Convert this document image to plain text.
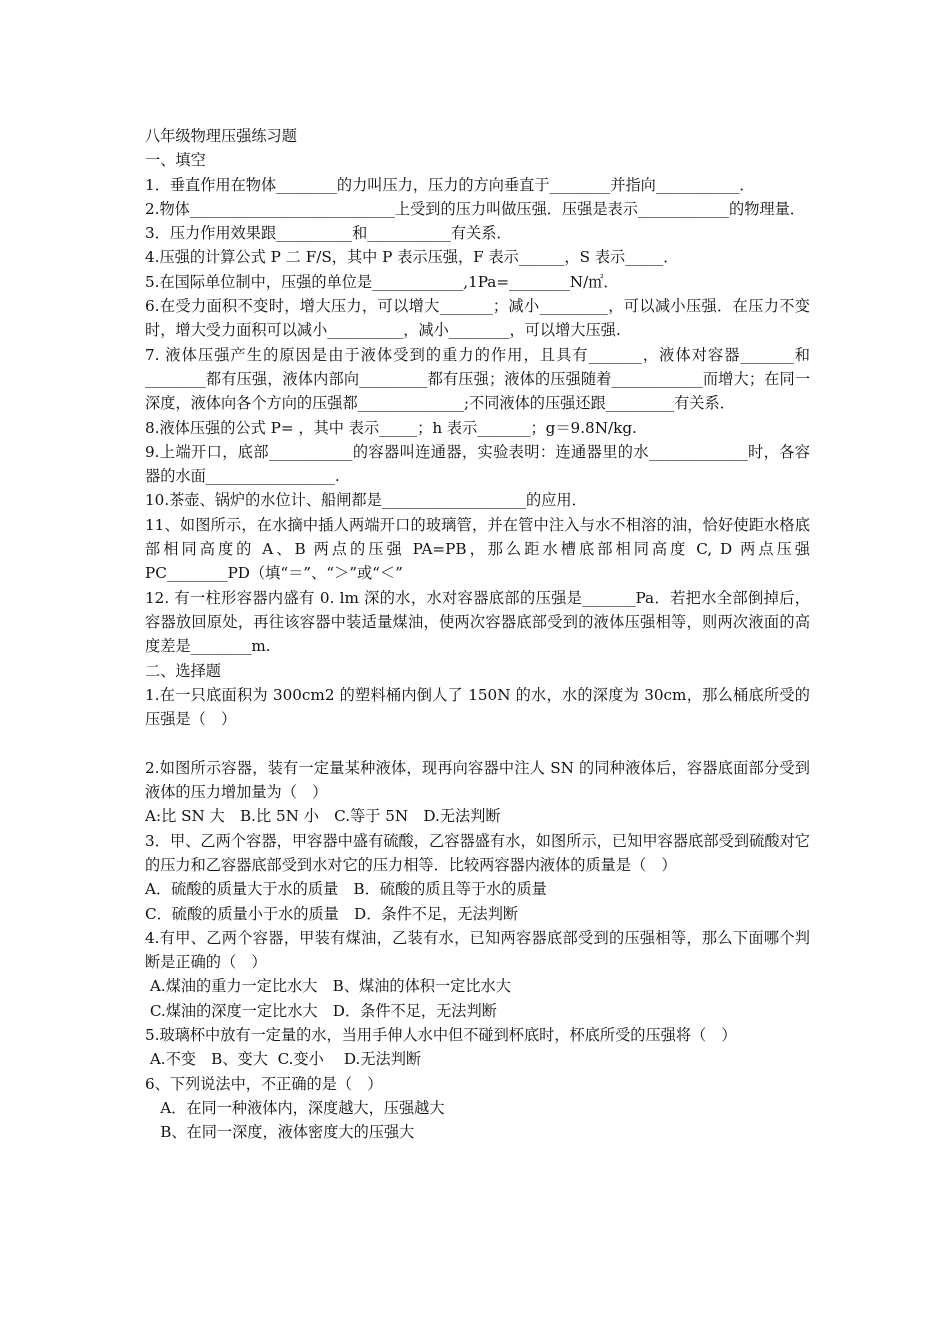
八年级物理压强练习题

一、填空

1．垂直作用在物体________的力叫压力，压力的方向垂直于________并指向___________．

2.物体___________________________上受到的压力叫做压强．压强是表示____________的物理量．

3．压力作用效果跟__________和___________有关系．

4.压强的计算公式 P 二 F/S，其中 P 表示压强，F 表示______，S 表示_____．

5.在国际单位制中，压强的单位是____________,1Pa=________N/㎡．

6.在受力面积不变时，增大压力，可以增大_______；减小_________，可以减小压强．在压力不变时，增大受力面积可以减小__________，减小________，可以增大压强.

7. 液体压强产生的原因是由于液体受到的重力的作用，且具有_______，液体对容器_______和________都有压强，液体内部向_________都有压强；液体的压强随着____________而增大；在同一深度，液体向各个方向的压强都______________;不同液体的压强还跟_________有关系．

8.液体压强的公式 P= ，其中 表示_____；h 表示_______；g＝9.8N/kg.

9.上端开口，底部___________的容器叫连通器，实验表明：连通器里的水_____________时，各容器的水面_________________.

10.茶壶、锅炉的水位计、船闸都是___________________的应用．

11、如图所示，在水摘中插人两端开口的玻璃管，并在管中注入与水不相溶的油，恰好使距水格底部相同高度的 A、B 两点的压强 PA=PB，那么距水槽底部相同高度 C, D 两点压强 PC________PD（填“＝”、“＞”或“＜”

12. 有一柱形容器内盛有 0. lm 深的水，水对容器底部的压强是_______Pa．若把水全部倒掉后，容器放回原处，再往该容器中装适量煤油，使两次容器底部受到的液体压强相等，则两次液面的高度差是________m.

二、选择题

1.在一只底面积为 300cm2 的塑料桶内倒人了 150N 的水，水的深度为 30cm，那么桶底所受的压强是（　）

2.如图所示容器，装有一定量某种液体，现再向容器中注人 SN 的同种液体后，容器底面部分受到液体的压力增加量为（　）

A:比 SN 大　B.比 5N 小　C.等于 5N　D.无法判断

3．甲、乙两个容器，甲容器中盛有硫酸，乙容器盛有水，如图所示，已知甲容器底部受到硫酸对它的压力和乙容器底部受到水对它的压力相等．比较两容器内液体的质量是（　）

A．硫酸的质量大于水的质量　B．硫酸的质且等于水的质量

C．硫酸的质量小于水的质量　D．条件不足，无法判断

4.有甲、乙两个容器，甲装有煤油，乙装有水，已知两容器底部受到的压强相等，那么下面哪个判断是正确的（　）

A.煤油的重力一定比水大　B、煤油的体积一定比水大

C.煤油的深度一定比水大　D．条件不足，无法判断

5.玻璃杯中放有一定量的水，当用手伸人水中但不碰到杯底时，杯底所受的压强将（　）

A.不变　B、变大  C.变小　 D.无法判断

6、下列说法中，不正确的是（　）

　A．在同一种液体内，深度越大，压强越大

　B、在同一深度，液体密度大的压强大
